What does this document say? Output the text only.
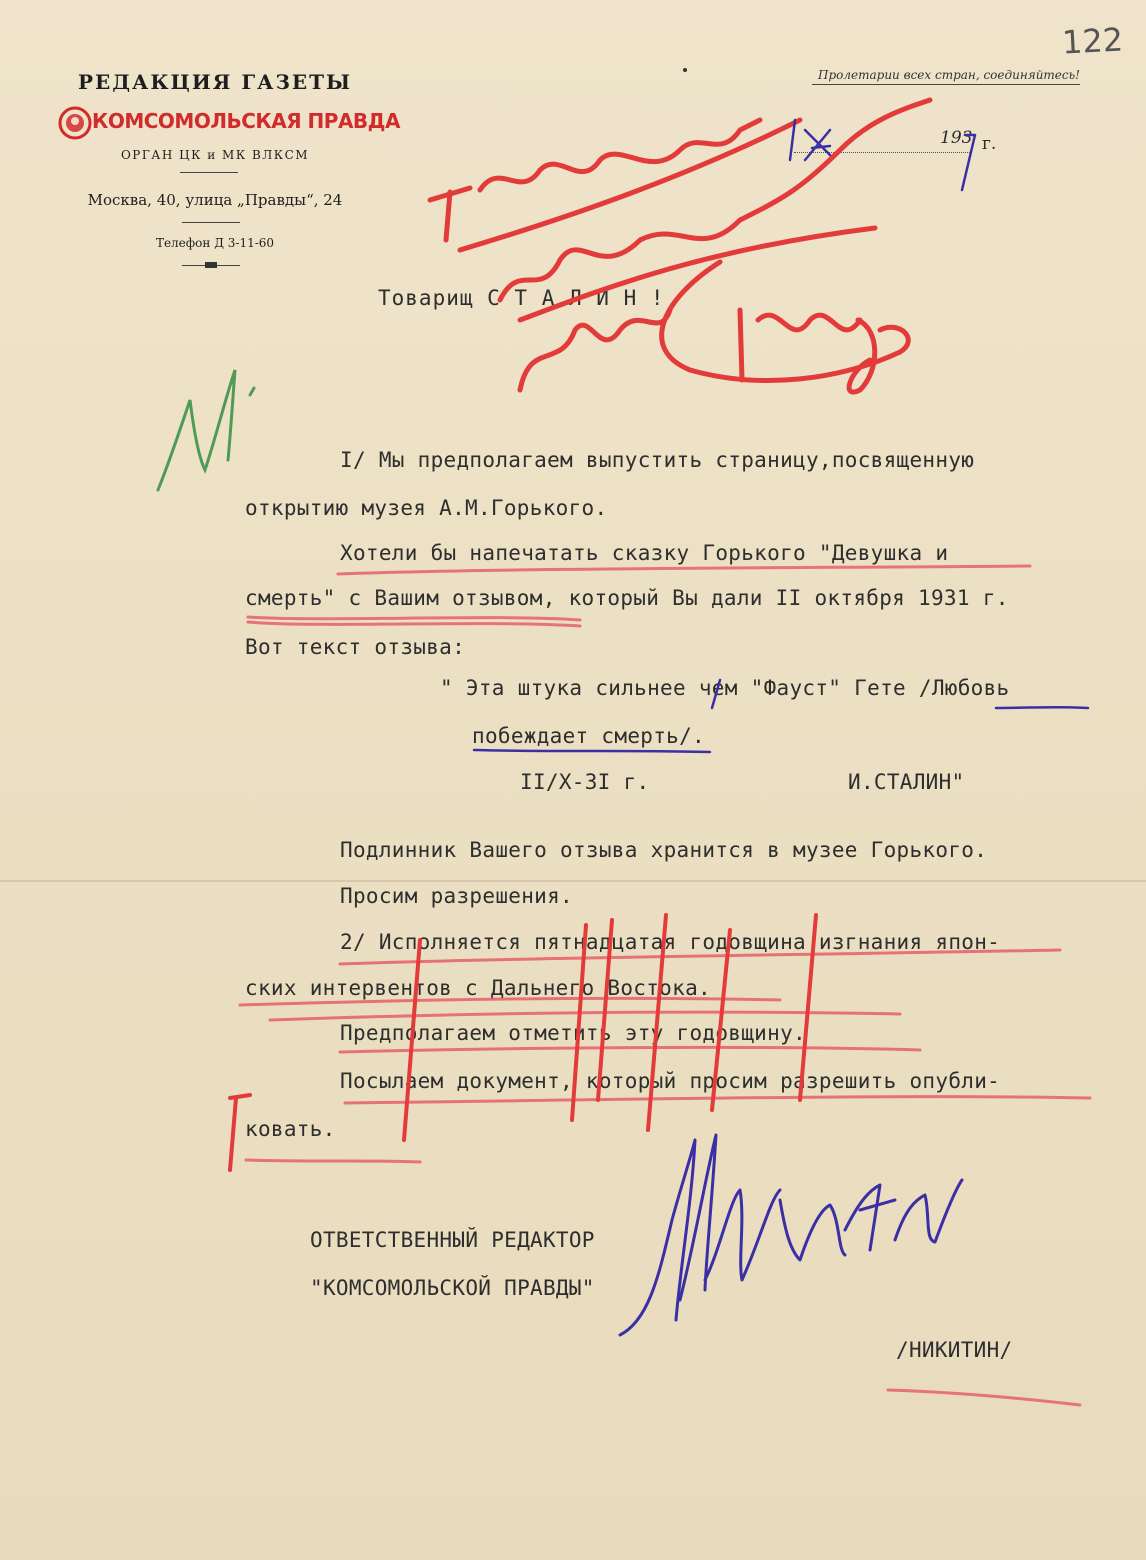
122
РЕДАКЦИЯ ГАЗЕТЫ
КОМСОМОЛЬСКАЯ ПРАВДА
ОРГАН ЦК и МК ВЛКСМ
Москва, 40, улица „Правды“, 24
Телефон Д 3-11-60
Пролетарии всех стран, соединяйтесь!
193 г.
Товарищ С Т А Л И Н !
I/ Мы предполагаем выпустить страницу,посвященную
открытию музея А.М.Горького.
Хотели бы напечатать сказку Горького "Девушка и
смерть" с Вашим отзывом, который Вы дали II октября 1931 г.
Вот текст отзыва:
" Эта штука сильнее чем "Фауст" Гете /Любовь
побеждает смерть/.
II/X-3I г.	И.СТАЛИН"
Подлинник Вашего отзыва хранится в музее Горького.
Просим разрешения.
2/ Исполняется пятнадцатая годовщина изгнания япон-
ских интервентов с Дальнего Востока.
Предполагаем отметить эту годовщину.
Посылаем документ, который просим разрешить опубли-
ковать.
ОТВЕТСТВЕННЫЙ РЕДАКТОР
"КОМСОМОЛЬСКОЙ ПРАВДЫ"
/НИКИТИН/
